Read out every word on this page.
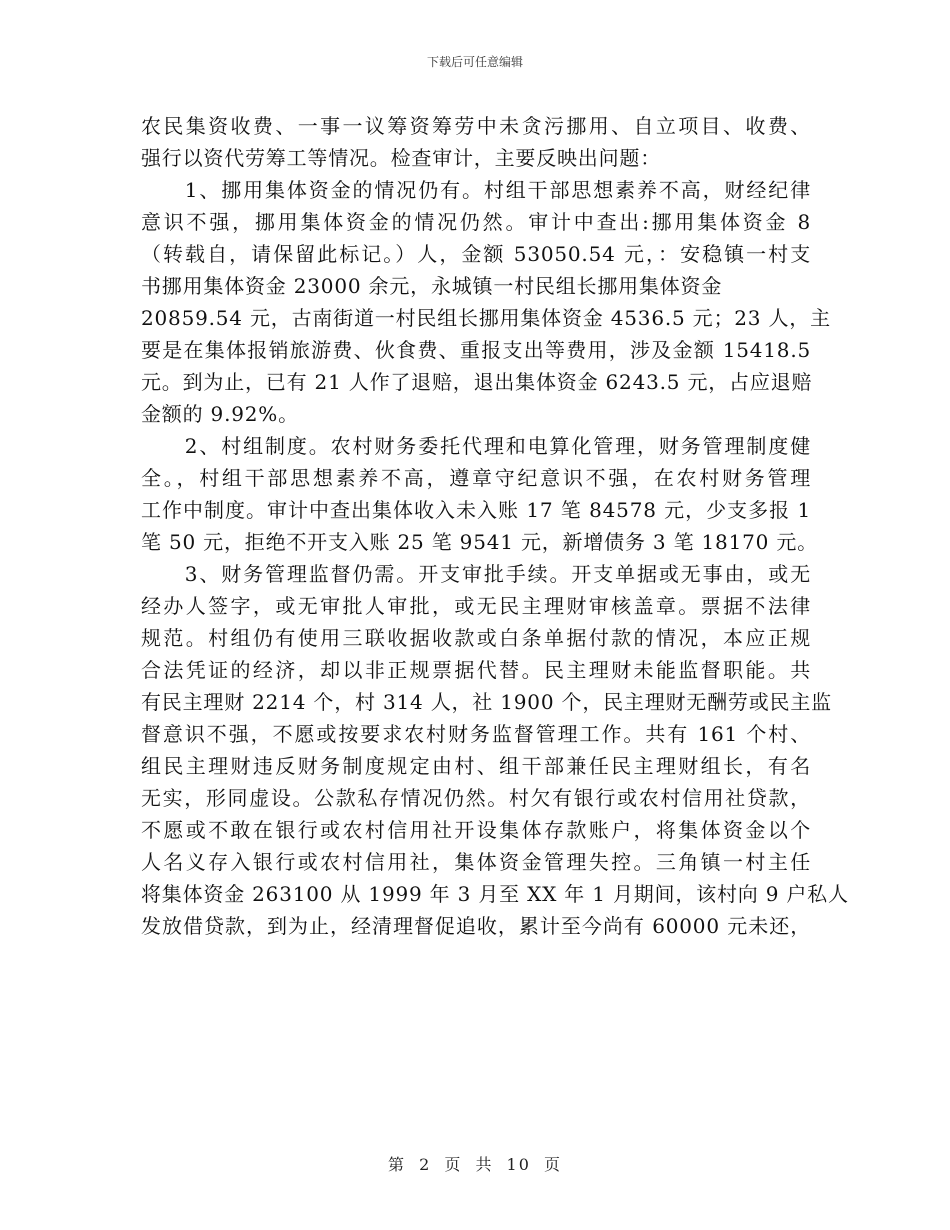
下载后可任意编辑
农民集资收费、一事一议筹资筹劳中未贪污挪用、自立项目、收费、
强行以资代劳筹工等情况。检查审计，主要反映出问题：
　　1、挪用集体资金的情况仍有。村组干部思想素养不高，财经纪律
意识不强，挪用集体资金的情况仍然。审计中查出:挪用集体资金 8
（转载自，请保留此标记。）人，金额 53050.54 元，：安稳镇一村支
书挪用集体资金 23000 余元，永城镇一村民组长挪用集体资金
20859.54 元，古南街道一村民组长挪用集体资金 4536.5 元；23 人，主
要是在集体报销旅游费、伙食费、重报支出等费用，涉及金额 15418.5
元。到为止，已有 21 人作了退赔，退出集体资金 6243.5 元，占应退赔
金额的 9.92%。
　　2、村组制度。农村财务委托代理和电算化管理，财务管理制度健
全。，村组干部思想素养不高，遵章守纪意识不强，在农村财务管理
工作中制度。审计中查出集体收入未入账 17 笔 84578 元，少支多报 1
笔 50 元，拒绝不开支入账 25 笔 9541 元，新增债务 3 笔 18170 元。
　　3、财务管理监督仍需。开支审批手续。开支单据或无事由，或无
经办人签字，或无审批人审批，或无民主理财审核盖章。票据不法律
规范。村组仍有使用三联收据收款或白条单据付款的情况，本应正规
合法凭证的经济，却以非正规票据代替。民主理财未能监督职能。共
有民主理财 2214 个，村 314 人，社 1900 个，民主理财无酬劳或民主监
督意识不强，不愿或按要求农村财务监督管理工作。共有 161 个村、
组民主理财违反财务制度规定由村、组干部兼任民主理财组长，有名
无实，形同虚设。公款私存情况仍然。村欠有银行或农村信用社贷款，
不愿或不敢在银行或农村信用社开设集体存款账户，将集体资金以个
人名义存入银行或农村信用社，集体资金管理失控。三角镇一村主任
将集体资金 263100 从 1999 年 3 月至 XX 年 1 月期间，该村向 9 户私人
发放借贷款，到为止，经清理督促追收，累计至今尚有 60000 元未还，
第 2 页 共 10 页
